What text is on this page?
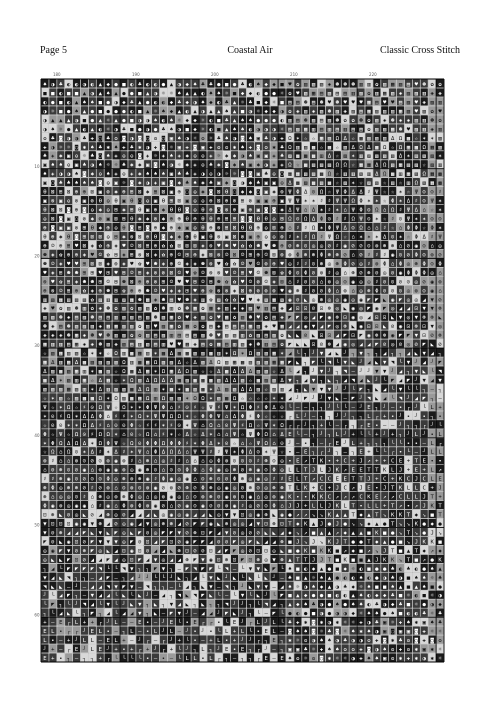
Page 5	Coastal Air	Classic Cross Stitch
180	190	200	210	220
10
20
30
40
50
60
♠ ◑ ♣ ◐ ◐ ◑ ◐ ▲ ◆ ● ■ ◐ ♣ ◐ ◐ ● ▲ ◑ ◆ ♠ ♣ ♣ ● ■ ● ♣ ◐ ♠ ◆ ◆ ■ ♥ ✿ ▥ ▧ ▧ ◈ ☻ ☻ ☻ ▥ ▥ ✿ ▥ ▦ ▧ ▤ ♥ ☻ ✿ ✿
■ ■ ◐ ■ ■ ▲ ◑ ▲ ♠ ▲ ● ● ■ ▲ ◑ ☼ ☼ ♠ ▲ ▲ ◐ ♠ ♠ ☼ ■ ◆ ◆ ◐ ● ● ☼ ✿ ♥ ▧ ▦ ▤ ▧ ▤ ▤ ▥ ▨ ✿ ▥ ▦ ▧ ◈ ▨ ▨ ▥ ◈ ◈
◐ ● ■ ◐ ▲ ♠ ♠ ■ ● ◑ ◆ ♣ ▲ ● ◐ ◐ ◆ ♣ ◆ ◑ ♠ ◆ ◐ ♣ ▲ ☼ ♣ ■ ◆ ☼ ■ ▤ ▤ ☻ ▤ ☻ ♥ ☻ ♥ ♥ ♥ ▦ ▤ ♥ ♥ ▤ ▨ ♥ ◈ ▨ ▥
◑ ☼ ■ ● ♠ ▲ ● ■ ● ● ● ◐ ■ ▲ ☼ ♠ ◆ ▲ ◐ ▲ ◑ ▲ ▲ ♠ ▲ ■ ◑ ☼ ◆ ◆ ◑ ✿ ◈ ▥ ◈ ▧ ☻ ▨ ◈ ▨ ▤ ▦ ▨ ▥ ▥ ▦ ▧ ♥ ▧ ✿ ♥
◑ ▲ ▲ ▲ ◑ ■ ● ▲ ☼ ▲ ● ■ ◑ ◑ ♠ ◐ ♠ ☼ ◆ ◆ ☼ ◐ ■ ♣ ▲ ♠ ♠ ● ● ● ◐ ▥ ▤ ☻ ▨ ▤ ▨ ☻ ✿ ✿ ☻ ✿ ▧ ◈ ☻ ◈ ◈ ▥ ▥ ☻ ✿
◑ ♠ ☼ ● ▲ ◐ ▲ ◐ ☼ ◑ ♣ ■ ● ◑ ● ♣ ♠ ◑ ■ ◆ ☼ ◐ ■ ▲ ♠ ♠ ◐ ◑ ◑ ◑ ☼ ▤ ▨ ▦ ▥ ▤ ▥ ▤ ▥ ▤ ▤ ✿ ▨ ▨ ▦ ☻ ♥ ▨ ▥ ◈ ▥
ʘ ♣ ◙ ◑ ◑ ♣ ✚ ◙ ♣ ʘ ◙ ◑ ◙ ◙ ʘ ◙ ▣ ♠ ◑ ☼ ʘ ☼ ♣ ♠ ◑ ◙ ♠ ▣ ♣ ◑ ✚ Ω ✶ ☆ ☆ ▦ ▧ Ω Δ ☆ ▩ ▨ ▧ ▥ Δ Ω ▩ ☆ ✶ ✶ ▧
✚ ◑ ☼ ☼ ◙ ✱ ♠ ♣ ✱ ♠ ✚ ♣ ✱ ◑ ✚ ◙ ☼ ▣ ✚ ◙ ▣ ✚ ʘ ʘ ✱ ♠ ✚ ◙ ʘ ✱ ♣ Ω ▥ ▨ ▩ ☆ ▩ ☆ ▧ Δ Ω Δ ▩ Ω ☆ Ω ▦ ▩ Ω ▦ ▧
♣ ✚ ✱ ▣ ʘ ☼ ♣ ◙ ♠ ✚ ʘ ʘ ◙ ✚ ☼ ✚ ♠ ✚ ✱ ʘ ʘ ✚ ☼ ✱ ✱ ◑ ♠ ▣ ▣ ✚ ♣ ▨ ▩ ▩ ▩ ▥ Δ ☆ ▨ ✶ ▥ ▨ ▧ ▧ ▧ Δ ✶ ▥ ▧ ▨ ✶
▣ ♠ ♠ ʘ ▣ ♣ ◑ ♠ ☼ ☼ ♣ ✱ ✱ ▣ ◙ ♠ ◑ ☼ ✱ ✚ ʘ ♣ ✱ ◙ ✱ ♠ ▣ ✱ ◑ ✚ ✚ Ω ☆ ▩ ▨ ▨ ▨ Ω Ω ☆ ▦ ▦ Δ Ω ▧ ▦ ▨ ▨ ☆ ▨ ▥
♠ ✚ ◑ ◑ ♠ ◙ ✱ ʘ ♠ ✚ ʘ ✚ ✱ ♠ ♠ ♠ ▣ ♣ ♣ ✚ ◑ ʘ ◑ ☼ ☼ ◙ ◙ ▣ ♣ ʘ ◙ ▦ ▦ ▧ ▨ ▩ Ω ☆ ▥ ▥ ▧ ▥ Δ Ω ▩ ▥ ▦ ▧ Ω ▦ ▩
▣ ◙ ♣ ♣ ♠ ♠ ♠ ◙ ʘ ▣ ☼ ◙ ✱ ◑ ✚ ▣ ◙ ✱ ♣ ♠ ✱ ♣ ▣ ✱ ◙ ◑ ✱ ♣ ▣ ▣ ʘ Δ ▩ ▨ ▩ ▧ ▩ ☆ ▨ ✶ ☆ ▨ ▧ ☆ ▥ ☆ ▥ Ω ▧ ▦ ▩
Ө ⊠ ⊞ ⊠ ⊕ ⊕ ⊠ ▣ ⊗ ✱ ⊕ ⊞ ⊠ ✱ ⊞ ⊠ ▣ ⊕ ◙ ʘ ✱ ◙ ⊠ Ө ◙ ✱ ✱ ◙ ▣ ✱ ⊗ Ψ Φ Δ ⊙ Ω ☆ Ψ Φ Δ Δ ♯ Ψ ☆ ☆ ✶ ☆ Ψ ⊙ ⊙ ♯
▣ ⊗ ▣ ʘ ⊗ ▣ ⊗ Ө ʘ Ө ▣ Ө ◙ ʘ ▣ Ө ⊞ ⊠ ▣ ʘ ʘ ⊕ ⊠ ⊕ ⊗ ⊞ ⊗ ▣ ▣ ⊕ ▣ Ψ Ψ ✶ ✶ ♯ ♯ Ψ Ψ Ω Φ ✶ ✶ ☆ Φ ✶ Δ ♯ ⊙ Ψ ✶
Ө ⊠ ⊠ ◙ ⊕ ◙ ʘ ✱ ʘ ⊞ ✱ ⊞ Ө ▣ ⊕ ✱ Ө Ө ◙ ʘ Ө ⊕ ◙ ⊗ ⊕ ▣ ⊕ ▣ ◙ ◙ ✱ Δ Ψ ⌂ Δ ✶ ♯ ✶ ⌂ Ψ Φ ⊙ Ω ⌂ Ω ♯ Ψ Δ ⌂ ☆ ✶
ʘ ⊠ ◙ ▣ ◙ ⊗ ✱ ⊗ ▣ ⊠ ⊞ Ө ✱ ✱ ⊗ ✱ ⊕ ⊕ Ө ⊕ Ө Ө ⊕ ⊞ ⊞ ◙ ◙ Ө Ө ʘ ⊞ Ω ⊙ Ω Δ Φ ⊙ ♯ ♯ Ω Ψ ⊙ ✶ ☆ ♯ ⊙ Ψ ✶ ✶ ⊙ ⊙
⊕ ◙ ▣ ▣ ⊗ ⊞ Ө ✱ ⊕ ʘ Ө ◙ ⊞ ◙ ⊕ ✱ ⊕ ✱ ▣ ʘ Ө ⊕ ⊗ ⊞ ⊠ Ө Ө ⊕ ʘ ⊠ ⊕ ⌂ ♯ ♯ Ω ✶ Φ Ψ Δ ⊙ Ω ⌂ ⌂ ♯ ☆ ⌂ Φ Φ ☆ Φ ✶
Ө ⊕ ✱ Ө ◙ ⊞ ⊠ ⊠ ʘ ⊞ ✱ ⊗ ⊠ ⊕ Ө ◙ ✱ ✱ ⊕ Ө ▣ Ө ⊗ ▣ ⊠ ⊗ ▣ ⊕ ʘ ʘ ⊗ ♯ ✶ ♯ Ω ♯ Ψ Ω ☆ ⌂ ✶ ✶ ✶ Δ ⊙ ✶ ☆ Φ Δ ♯ Ψ
⊕ ☺ ⊕ ⊞ ♥ ⊠ ◈ ✿ ⊕ ◈ ♥ ☺ ⊠ ⊞ ⊕ ✿ ✿ ⊠ ⊠ ⊠ ◈ ⊗ ♥ ☻ ♥ ✿ ✿ ☻ ♥ ☻ ⊕ ⊘ ⊛ ⊙ ◎ ◎ ⊘ ♯ ◉ ⊘ ⊘ ⊙ ⊚ ⊛ ⊛ ⌂ ⊘ ◉ ⊙ ⌂ ◎
☻ ◈ ✿ ⊕ ⊕ ◈ ♥ ☺ ✿ ⊞ ◈ ⊞ ⊗ ⊠ ◈ ✿ ⊕ ☺ ⊞ ⊕ ◈ ⊠ ⊗ ☺ ⊠ ☺ ⊞ ⊕ ☺ ⊠ ⊗ ⊚ Φ ⊛ ⊛ Φ ⊛ ⊛ ⊘ ⌂ ⊘ ♯ ♯ ♯ ◉ ⊙ ⊘ Φ ⊙ ⊚ ⊘
☻ ☺ ◈ ♥ ♥ ⊞ ⊠ ⊠ ◈ ⊗ ◈ ♥ ✿ ♥ ☻ ◈ ⊕ ☺ ◈ ◈ ☻ ⊗ ♥ ✿ ✿ ☺ ♥ ☺ ⊗ ⊕ ♥ ◎ ♯ ♯ ⊙ ⊛ ◎ ⊛ Φ ⊘ ◎ ♯ ⊚ Φ ⌂ Φ ◎ ⊛ Φ ⊙ Φ
♥ ◈ ⊞ ☻ ☻ ⊞ ⊞ ♥ ⊞ ♥ ⊞ ☺ ⊞ ◈ ⊗ ⊗ ⊠ ☺ ♥ ✿ ☺ ⊗ ⊗ ♥ ☺ ⊞ ♥ ☺ ☻ ⊠ ✿ Φ ⊙ Φ ⊘ ⊚ ♯ ◎ ⌂ ⊛ ⊘ ⊛ ⊘ ◎ ⊘ ◉ Φ Φ Φ ◎ ⌂
⊗ ♥ ✿ ⊞ ◈ ☻ ☻ ⊞ ☺ ⊞ ☻ ⊠ ⊕ ⊕ ⊗ ⊞ ☺ ♥ ♥ ⊞ ☺ ⊞ ☻ ✿ ✿ ♥ ☺ ⊗ ☺ ◈ ⊠ ⌂ ♯ ⊘ ⊘ ⌂ ⊚ ◎ ⊙ ◉ ◎ ◎ ♯ ⊘ ⊙ ⊘ ⊙ ◎ ⊘ ◉ ⊚
⊕ ⊗ ☺ ⊞ ⊕ ✿ ◈ ⊕ ☻ ⊞ ✿ ⊕ ⊕ ☻ ☺ ♥ ◈ ◈ ⊞ ♥ ⊕ ✿ ⊗ ⊗ ◈ ⊠ ⊕ ⊗ ⊗ ⊗ ♥ ◉ ⊛ ♯ ⊘ ⊘ Φ ⌂ ⊚ ⌂ ◎ ⊛ Φ ⊘ ⊘ ⊙ ◎ ⊚ ⊙ ◉ ⌂
▥ ▧ ▦ ▥ ▧ ▧ ✿ ▨ ▥ ▥ ▨ ▦ ☻ ▦ ◈ ☻ ▤ ♥ ☻ ◈ ▥ ✿ ▨ ✿ ✿ ♥ ♥ ◈ ▧ ▦ ▧ ◉ ⊘ ◣ ◎ ⊛ ◎ ◎ ◉ ◎ ◉ ◤ ◤ ◣ ◉ ◤ ◎ ◎ ◢ ▼ ⊘
◈ ♥ ✿ ▥ ☻ ▥ ✿ ◈ ☻ ✿ ▨ ✿ ▧ ▧ ✿ ☻ ▥ ✿ ☻ ▦ ✿ ▦ ◈ ▥ ◈ ◈ ▨ ♥ ▥ ▤ ◈ ◢ ⊡ ⊡ ⊘ ⊡ ⊛ ◎ ◣ ◉ ◎ ◤ ◉ ◤ ◎ ◢ ◢ ⊡ ▼ ▼ ⊛
▨ ▧ ☻ ◈ ▤ ▨ ☻ ▤ ▤ ▥ ▧ ▨ ▤ ▨ ☻ ▧ ▦ ✿ ♥ ◈ ▨ ✿ ♥ ▦ ✿ ▧ ☻ ♥ ✿ ▤ ◈ ◤ ◤ ◎ ◢ ◤ ◉ ⊛ ⊡ ◉ ◎ ◢ ⊡ ⊡ ◣ ▼ ◎ ▼ ⊛ ⊛ ◣
☻ ◈ ▤ ☻ ▧ ▨ ▧ ◈ ▦ ▦ ▨ ▨ ✿ ▥ ♥ ▨ ▦ ✿ ▦ ✿ ✿ ▤ ◈ ▤ ▤ ▤ ▦ ▥ ◈ ♥ ▦ ◢ ◢ ◉ ▼ ◢ ◤ ◎ ⊛ ◣ ◉ ⊡ ⊡ ◣ ⊘ ◉ ⊡ ⊛ ⊡ ▼ ◎
◈ ◈ ◈ ☻ ▦ ◈ ☻ ♥ ☻ ▥ ▨ ✿ ✿ ▥ ▤ ▨ ▥ ▤ ▤ ▤ ▨ ☻ ♥ ▨ ▧ ▥ ✿ ▨ ▤ ▨ ✿ ◣ ◣ ⊘ ◣ ⊡ ⊡ ◢ ◤ ⊡ ◤ ◉ ⊛ ⊛ ◉ ◤ ◤ ▼ ⊡ ⊘ ⊛
▦ ▥ ▥ ▤ ▦ ◈ ◈ ☻ ▧ ◈ ▧ ▤ ▥ ▧ ▤ ▥ ♥ ♥ ▦ ◈ ▤ ✿ ▦ ▤ ▥ ▧ ◈ ☻ ▥ ▤ ✿ ◤ ◣ ◣ ⊡ ⊘ ⊛ ◢ ◉ ◎ ◢ ◢ ◤ ⊘ ◎ ⊘ ◎ ⊘ ◤ ◣ ⊘
☆ ▧ ▦ ▥ ▧ ☆ ✶ ✶ ☆ Ω ▥ ▩ ▦ ▥ ✶ ▩ Δ ▩ ▩ ▧ ▨ ▩ ▥ ✶ Ω ✶ Ω ▧ ▧ ▦ ✶ ◢ └ ┐ ┘ ▼ ◢ ◣ ┘ ┐ ▼ ┐ ┐ ◢ ┐ ┐ ◢ ◣ ▼ ◢ ┐
▦ Δ ▥ ▦ Δ ▩ ▧ ▧ ▨ ▧ Ω ▥ ▩ ▦ Ω ▧ ▨ Δ ☆ Δ ▧ Δ Ω ▥ ▦ ▩ ▧ ▨ ▧ ▦ ▦ ◤ ◣ ┐ ◤ └ ◥ └ ▼ ◣ ┘ ◢ ◣ ▼ ◥ └ ▼ ┘ ◢ ┘ ◤
Δ ▨ ▩ ▧ ▦ ▥ ✶ ▩ ▨ ☆ Ω ▩ Δ ▦ ✶ Ω ▦ Δ Ω ▧ ☆ ☆ Δ ▩ Δ Δ Δ ▥ ▧ ☆ Δ └ ◢ ┐ ┘ ▼ ┘ ┐ ◥ — ┘ ┘ ▼ ▼ ┘ ◢ ┐ ▼ ◣ └ ◥
▩ Δ ✶ ▧ ▥ ▦ ☆ Δ ▦ ☆ ✶ Ω ▨ Δ Ω Δ Δ ▩ ▨ ▩ ▩ ▩ ▧ Δ Δ ▧ ☆ ▩ ▨ ▧ Δ ▼ ┐ ◢ ▼ ┐ ◣ ┐ ◢ ◥ ◢ ◣ ┘ └ ◤ ◢ ◤ ┘ ▼ ◢ ▼
▧ ▧ ▨ ▦ ▧ ▥ ✶ Δ ▥ ▨ ▧ ▩ Δ Ω ▥ ✶ ▩ ✶ ▩ ▧ ▩ ✶ Δ ▨ ▧ Δ Δ ▨ ☆ ▨ ▥ ◢ ┐ ◣ ▼ ▼ ▼ ┘ ┘ └ ◤ ┐ ◣ ◢ └ ▼ └ └ ┐ — ┐
☆ ✶ ▧ ☆ ▨ ▩ ▩ Ω ✶ Ω ▨ ▩ ▦ Ω ▥ Ω ▧ ▧ ✶ Ω Ω ✶ ▧ ▩ Ω ☆ ☆ ☆ ☆ ✶ ✶ ◢ ┘ ◤ ┘ ┘ ▼ ◣ — ◤ ┘ ◥ ◣ ◢ └ ◥ ┘ ◢ ◤ ┐ —
Ψ ☆ ✶ Ω ☆ ♯ ⊙ Ω Ψ ☆ Ω ✶ ✶ Φ Ψ Φ ⌂ ♯ ⊙ ♯ ☆ Ψ ♯ Ψ ✶ Ω Φ ♯ Φ Δ ⊙ └ — — ┐ ┐ ┘ └ └ — ┘ E ┐ ┘ — • ┌ ┘ └ L +
✶ ⊙ ♯ Ω ✶ Δ Δ Φ ⌂ ♯ ♯ ✶ Ω ✶ Ψ Ψ Ω Ω ✶ ☆ Φ Φ Ψ ⌂ Δ Φ ♯ Φ ☆ ☆ ☆ ┌ L ┘ — ┐ ┐ ┘ ┘ ┐ ┐ L ┌ + • ┘ • ┘ • ┐ •
☆ ⊙ ⊙ ✶ ✶ Ω Δ ♯ ⌂ ⊙ ⊙ Φ ☆ ♯ ♯ ✶ ♯ ⊙ ✶ Ψ ⌂ Ω ⌂ ⊙ Ψ ♯ Ω ☆ Ψ ✶ Ω ┌ ┌ ┘ ┐ + └ — ┌ ┐ ┌ E • — — ┘ ┐ ┐ ┌ ┘ └
Φ ☆ Ψ ☆ Ω ⊙ ♯ Ω Ω ✶ ⌂ ⊙ ☆ Ω ⌂ ♯ ✶ ☆ Δ ☆ Δ ✶ ⌂ ⌂ Ψ ☆ Ψ Φ Ω ⌂ Δ E └ — ┐ ┘ ┐ L ┘ + └ └ + ┘ + ┐ ┘ L ┘ • L
✶ Φ Ω Δ Ω Δ ✶ Ω Φ Ψ ☆ Ω ⊙ Φ Φ Ω Φ Φ ♯ ✶ Φ Δ ✶ ⊙ ☆ ⌂ ☆ Ψ Ω ⌂ ⊙ ┘ — • ┐ — ┌ E ┘ L + ┐ ┐ ┐ └ └ • • — L ┌
☆ Ω ⌂ Ω ⊙ ✶ Δ ♯ ✶ Δ ♯ ✶ Ψ ⌂ Φ Δ Ω Δ ⌂ Ψ Ψ ♯ ♯ Ψ ✶ Φ Δ ⊙ ✶ Ψ ☆ • — E ┐ ┌ ┘ ┐ — ┐ E + └ └ ┌ • └ — ┘ L L
⊚ ♯ ⌂ ⌂ ⊚ ⊙ ⊘ ⊙ ⊚ ◉ ⊚ ♯ ⌂ ⊛ ⌂ ◎ ♯ ♯ ⌂ ⌂ ⌂ ◎ Φ ⊚ ⊙ ⊙ ⊙ ♯ ⊛ ⊙ ◎ • E ↗ T K • + C + J ↗ + + C E + T E • •
⌂ ⊘ ⊛ ⊙ ⊘ ◉ ⌂ ⊚ ◉ ◉ ⊚ ◎ ◉ ⊛ ⊙ ⌂ ⊙ ⊙ Φ Φ ⌂ Φ ◉ ◎ ⊛ ⊘ ⊛ ◉ ⊙ Φ ◎ L L T J L J K ↗ E E T T K L J + E + L ↗
♯ ♯ ⊛ ◉ ⊙ ⊘ ⊙ ⊙ Φ ◎ ⊛ ⊚ ⊛ ◉ ♯ Φ ◉ ◎ ◉ ⌂ ⊙ ⊛ ⊙ ⊘ Φ ⊛ ◎ ◉ ◎ ♯ ♯ E L T ↗ C C E E T T J + C + K C J C L E
⊛ Φ ◎ ⊛ ⊛ ⊘ ♯ ⊘ ⊚ ⌂ ⊙ ⊚ ⊙ ⊚ ◉ ⊘ ⊚ ⊘ ⊛ ⊘ Φ ⊛ ◎ ◉ ◎ ⊘ ⊛ ⊙ ◎ ⊛ ⊛ T L K + C + J C ↗ J E • J T K L L C + J
⊛ ⌂ ◎ ◎ ⊙ ♯ ⌂ ⊛ ◎ ⊚ ⊛ Φ ◎ ⌂ ◎ ⊚ ◉ ◎ ⌂ ⊙ ⊚ ⊛ ⊘ ◉ ⊚ ⊙ ◉ ⌂ ◎ ⊚ ◉ K • • K K C ↗ ↗ ↗ C K E ↗ ↗ C L L J T +
Φ ◉ ⊚ ◎ ◉ ◉ ⌂ ♯ ◉ ⌂ Φ ⊚ Φ ⊚ ◉ ⊘ ⌂ ⊘ ◉ ⊙ ◉ ⊘ ⊘ ⊚ ◉ ♯ ◎ ⊘ ⊙ Φ ⌂ J J + L L J K L T • L L + T ↗ • ↗ J K T
⊡ ⊛ ◣ ⊘ ◎ ◣ ⊘ ◢ ⊛ ◎ ⊘ ◢ ◢ ◢ ◣ ◎ ◉ ◎ ◉ ◢ ◢ ◣ ◎ ▼ ▼ ⊡ ◎ ◉ ⊛ ◣ ◉ ● ↗ ↗ ↘ ↘ K ▲ ▲ T ◆ ▲ T ↘ K K T ◆ ↘ ■ T
▼ ⊡ ⊡ ⊡ ◉ ◉ ▼ ⊛ ◢ ⊘ ◎ ◉ ◢ ▼ ◎ ⊛ ⊛ ◢ ⊘ ◤ ◤ ◉ ◣ ⊛ ◎ ◎ ◢ ▼ ⊡ ⊛ ⊡ T ◆ K ▲ J ● J ● ↘ ↘ ◆ ▲ ● T ↘ ↘ K ● ◆ ●
▼ ⊘ ⊛ ◢ ◢ ◤ ◣ ▼ ◣ ◤ ◎ ◣ ◤ ⊘ ◎ ◤ ◤ ▼ ⊘ ⊛ ⊡ ◤ ◢ ▼ ⊘ ◎ ⊘ ⊘ ◣ ◣ ◢ ◆ ↘ ↗ ■ ▲ ▲ ↗ ◆ ▲ ▲ ■ K ■ ● ↘ T ↘ ● J ↘
◤ ⊘ ◣ ◉ ⊡ ⊘ ◤ ▼ ▼ ▼ ◎ ◤ ⊘ ⊡ ◢ ◤ ⊡ ⊘ ◉ ◤ ◤ ◢ ⊘ ⊘ ◤ ◎ ◤ ◣ ◢ ◢ ⊛ ■ J ↘ J ↘ K J T ● ● T ◆ ▲ ● ■ ↘ J K K ■
◎ ◉ ◤ ▼ ⊘ ⊛ ◤ ◎ ◣ ◢ ⊡ ◉ ⊡ ⊘ ◢ ◢ ◣ ⊛ ⊡ ⊘ ⊘ ⊡ ◢ ◤ ◤ ◎ ⊘ ⊡ ⊡ ◎ ◣ ■ ● K ■ K K ■ ↗ ◆ ■ ↗ ↘ J T ■ ▲ T ◆ ↗ ◆
◎ ◣ ◣ ◤ ⊡ ⊘ ◢ ◢ ◤ ◢ ◎ ⊡ ◤ ◢ ▼ ◎ ◢ ◢ ⊛ ◤ ▼ ◉ ⊡ ⊛ ⊡ ◤ ⊡ ⊛ ◎ ▼ ⊛ ▲ T T J J T ■ K ■ ■ ▲ J K K ↘ T ■ ↗ ● K
┐ ◢ └ ◤ ◤ ◤ ◤ ◥ └ └ ◥ ▼ ┐ ┐ ◤ ▼ ┐ — ◤ ◥ ◤ ◤ └ ◥ — └ ▼ ▼ ◣ ◤ └ ♠ ■ ◐ ◆ ▲ ● ■ ◆ ☼ ◐ ■ ● ● ♣ ◐ ♣ ◐ ● ♠ ▲
▼ ◢ ◣ ◥ ┐ ┐ — ◢ ◤ — ┐ ◢ ┘ ┘ └ └ ┘ ◣ ┐ ◢ └ ▼ ◣ ┘ ◣ └ ◣ └ ◣ ┘ — ♣ ■ ▲ ☼ ♠ ▲ ● ◐ ◐ ♠ ◐ ● ◑ ♣ ◑ ■ ♠ ♠ ☼ ♣
◥ ◣ ◣ — ┘ — ◢ ◢ ◥ ▼ ◤ ▼ — ◥ ┐ ┐ — └ ◢ ┐ ◣ ▼ — ◥ ┐ ┘ ◣ ▼ ▼ — ◢ ♠ ☼ ◑ ♠ ◆ ▲ ◑ ♣ ◆ ☼ ♠ ■ ■ ♠ ▲ ■ ▲ ♠ ■ ●
┘ └ ◢ ◤ ┐ — ▼ ◢ ◢ └ ◣ └ ◣ ┘ — ◢ ┐ ◥ ◣ ◥ ◤ ◣ └ — └ ▼ └ ◣ ┘ └ ◤ ■ ▲ ◆ ● ● ■ ◐ ◐ ▲ ♠ ◐ ◆ ◆ ♣ ■ ☼ ◐ ■ ☼ ◑
└ ◤ ┐ └ ┘ ◥ ◢ └ ▼ └ ┘ ◣ ▼ ┐ ◣ ┐ ▼ ◢ ◣ ┐ ◣ ┐ ┐ ◥ ┘ ┘ ┐ └ ◥ ◢ ┐ ▲ ◆ ♠ ♣ ◑ ● ♠ ● ♠ ♠ ◐ ♣ ◑ ◆ ♣ ■ ☼ ● ◑ ◆
┐ └ ◢ ◣ └ ┐ ◤ ┐ ◢ └ ◢ ◢ ▼ ┐ ◣ — ◤ ▼ ┘ — ◢ ◢ ┘ ◤ ◣ ┘ ┐ └ — ◤ └ ● ◐ ● ■ ◑ ● ◑ ◑ ◆ ☼ ♠ ♠ ● ♠ ■ ◐ ◐ ♣ ☼ ♣
+ — E ┌ L + + ┌ ┘ L — — E • — ┘ E └ • E ┌ ┌ • └ E ┘ ┌ L ┘ L └ ♣ ✚ ✱ ◙ ✱ ◑ ✱ ☼ ☼ ✚ ◑ ♣ ▣ ☼ ✚ ♠ ✱ ▣ ♠ ♣
E L • ┌ ┌ ┘ E L • — ┐ L — • L ┘ L — ┘ • ┘ • └ L + L └ • E L — ◙ ♠ ♠ ◙ ☼ ♣ ◙ ☼ ♠ ✱ ♠ ◑ ▣ ◙ ▣ ▣ ◙ ✚ ☼ ☼
L • — + ┘ L L — E L + — ┘ ┌ — ┌ ┘ + └ • — + L • + ┘ ┘ ┌ ┐ E ┐ ✱ ☼ ʘ ◑ ♠ ♠ ◑ ♣ ◑ ◑ ʘ ✚ ◙ ✱ ♣ ʘ ◙ ✚ ◙ ʘ
┘ + — ┌ E ┘ L E ┘ + • + ┌ + ┘ ┌ + └ ┘ ┐ L ┐ ┘ E • E ┐ ┌ ┘ — ┐ ▣ ▣ ♣ ☼ ✚ ♠ ♠ ʘ ʘ ✚ ◙ ◑ ♠ ʘ ✚ ʘ ✱ ▣ ✱ ☼
E + • ┐ — ┐ ┐ + ┌ └ └ └ └ • — • — └ L L • L ┌ ┐ — ┐ ┐ ┌ E — E ♠ ʘ ☼ ʘ ◙ ✱ ☼ ☼ ◑ ✚ ♠ ♠ ▣ ʘ ✱ ✚ ✱ ◑ ✱ ☼
